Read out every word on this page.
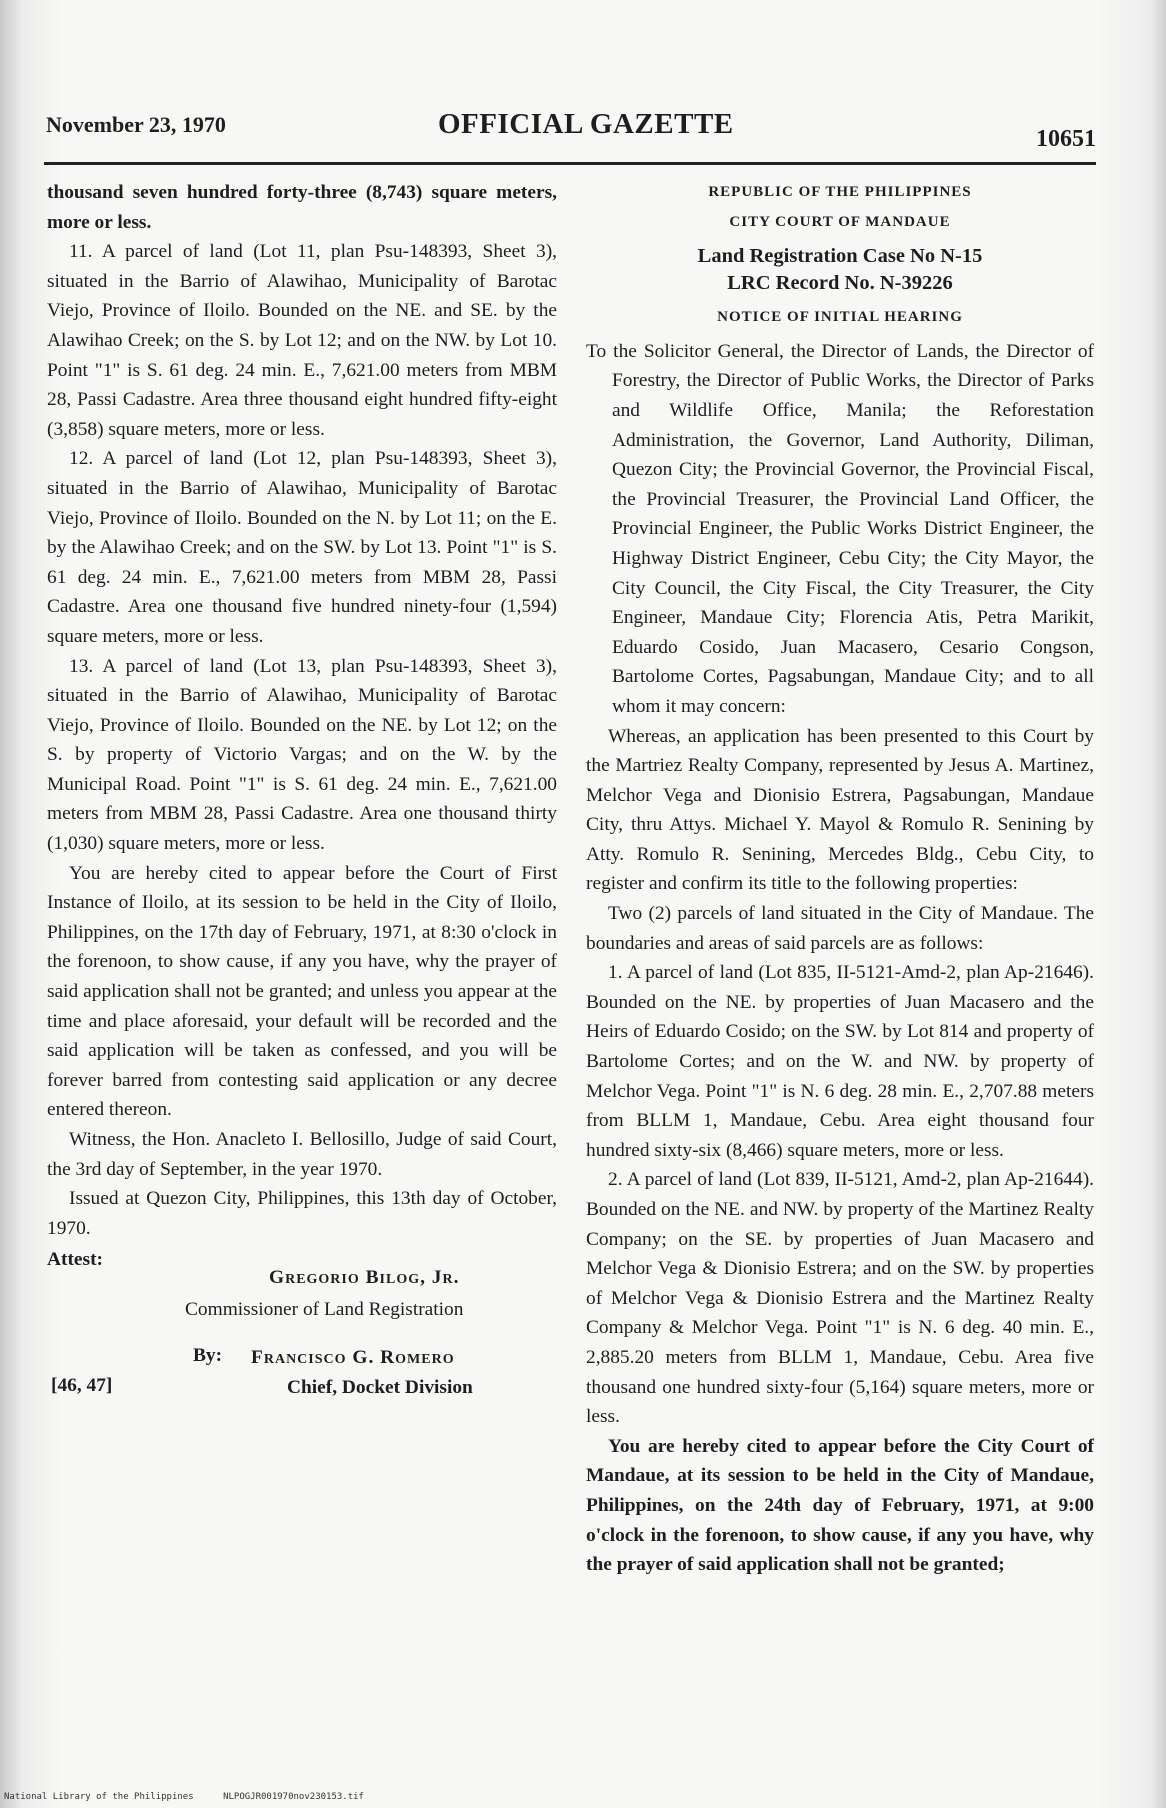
November 23, 1970	OFFICIAL GAZETTE	10651

thousand seven hundred forty-three (8,743) square meters, more or less.

11. A parcel of land (Lot 11, plan Psu-148393, Sheet 3), situated in the Barrio of Alawihao, Municipality of Barotac Viejo, Province of Iloilo. Bounded on the NE. and SE. by the Alawihao Creek; on the S. by Lot 12; and on the NW. by Lot 10. Point "1" is S. 61 deg. 24 min. E., 7,621.00 meters from MBM 28, Passi Cadastre. Area three thousand eight hundred fifty-eight (3,858) square meters, more or less.

12. A parcel of land (Lot 12, plan Psu-148393, Sheet 3), situated in the Barrio of Alawihao, Municipality of Barotac Viejo, Province of Iloilo. Bounded on the N. by Lot 11; on the E. by the Alawihao Creek; and on the SW. by Lot 13. Point "1" is S. 61 deg. 24 min. E., 7,621.00 meters from MBM 28, Passi Cadastre. Area one thousand five hundred ninety-four (1,594) square meters, more or less.

13. A parcel of land (Lot 13, plan Psu-148393, Sheet 3), situated in the Barrio of Alawihao, Municipality of Barotac Viejo, Province of Iloilo. Bounded on the NE. by Lot 12; on the S. by property of Victorio Vargas; and on the W. by the Municipal Road. Point "1" is S. 61 deg. 24 min. E., 7,621.00 meters from MBM 28, Passi Cadastre. Area one thousand thirty (1,030) square meters, more or less.

You are hereby cited to appear before the Court of First Instance of Iloilo, at its session to be held in the City of Iloilo, Philippines, on the 17th day of February, 1971, at 8:30 o'clock in the forenoon, to show cause, if any you have, why the prayer of said application shall not be granted; and unless you appear at the time and place aforesaid, your default will be recorded and the said application will be taken as confessed, and you will be forever barred from contesting said application or any decree entered thereon.

Witness, the Hon. Anacleto I. Bellosillo, Judge of said Court, the 3rd day of September, in the year 1970.

Issued at Quezon City, Philippines, this 13th day of October, 1970.

Attest:
Gregorio Bilog, Jr.
Commissioner of Land Registration
By: Francisco G. Romero
Chief, Docket Division
[46, 47]

REPUBLIC OF THE PHILIPPINES

CITY COURT OF MANDAUE

Land Registration Case No N-15

LRC Record No. N-39226

NOTICE OF INITIAL HEARING

To the Solicitor General, the Director of Lands, the Director of Forestry, the Director of Public Works, the Director of Parks and Wildlife Office, Manila; the Reforestation Administration, the Governor, Land Authority, Diliman, Quezon City; the Provincial Governor, the Provincial Fiscal, the Provincial Treasurer, the Provincial Land Officer, the Provincial Engineer, the Public Works District Engineer, the Highway District Engineer, Cebu City; the City Mayor, the City Council, the City Fiscal, the City Treasurer, the City Engineer, Mandaue City; Florencia Atis, Petra Marikit, Eduardo Cosido, Juan Macasero, Cesario Congson, Bartolome Cortes, Pagsabungan, Mandaue City; and to all whom it may concern:

Whereas, an application has been presented to this Court by the Martriez Realty Company, represented by Jesus A. Martinez, Melchor Vega and Dionisio Estrera, Pagsabungan, Mandaue City, thru Attys. Michael Y. Mayol & Romulo R. Senining by Atty. Romulo R. Senining, Mercedes Bldg., Cebu City, to register and confirm its title to the following properties:

Two (2) parcels of land situated in the City of Mandaue. The boundaries and areas of said parcels are as follows:

1. A parcel of land (Lot 835, II-5121-Amd-2, plan Ap-21646). Bounded on the NE. by properties of Juan Macasero and the Heirs of Eduardo Cosido; on the SW. by Lot 814 and property of Bartolome Cortes; and on the W. and NW. by property of Melchor Vega. Point "1" is N. 6 deg. 28 min. E., 2,707.88 meters from BLLM 1, Mandaue, Cebu. Area eight thousand four hundred sixty-six (8,466) square meters, more or less.

2. A parcel of land (Lot 839, II-5121, Amd-2, plan Ap-21644). Bounded on the NE. and NW. by property of the Martinez Realty Company; on the SE. by properties of Juan Macasero and Melchor Vega & Dionisio Estrera; and on the SW. by properties of Melchor Vega & Dionisio Estrera and the Martinez Realty Company & Melchor Vega. Point "1" is N. 6 deg. 40 min. E., 2,885.20 meters from BLLM 1, Mandaue, Cebu. Area five thousand one hundred sixty-four (5,164) square meters, more or less.

You are hereby cited to appear before the City Court of Mandaue, at its session to be held in the City of Mandaue, Philippines, on the 24th day of February, 1971, at 9:00 o'clock in the forenoon, to show cause, if any you have, why the prayer of said application shall not be granted;

National Library of the Philippines	NLPOGJR001970nov230153.tif
